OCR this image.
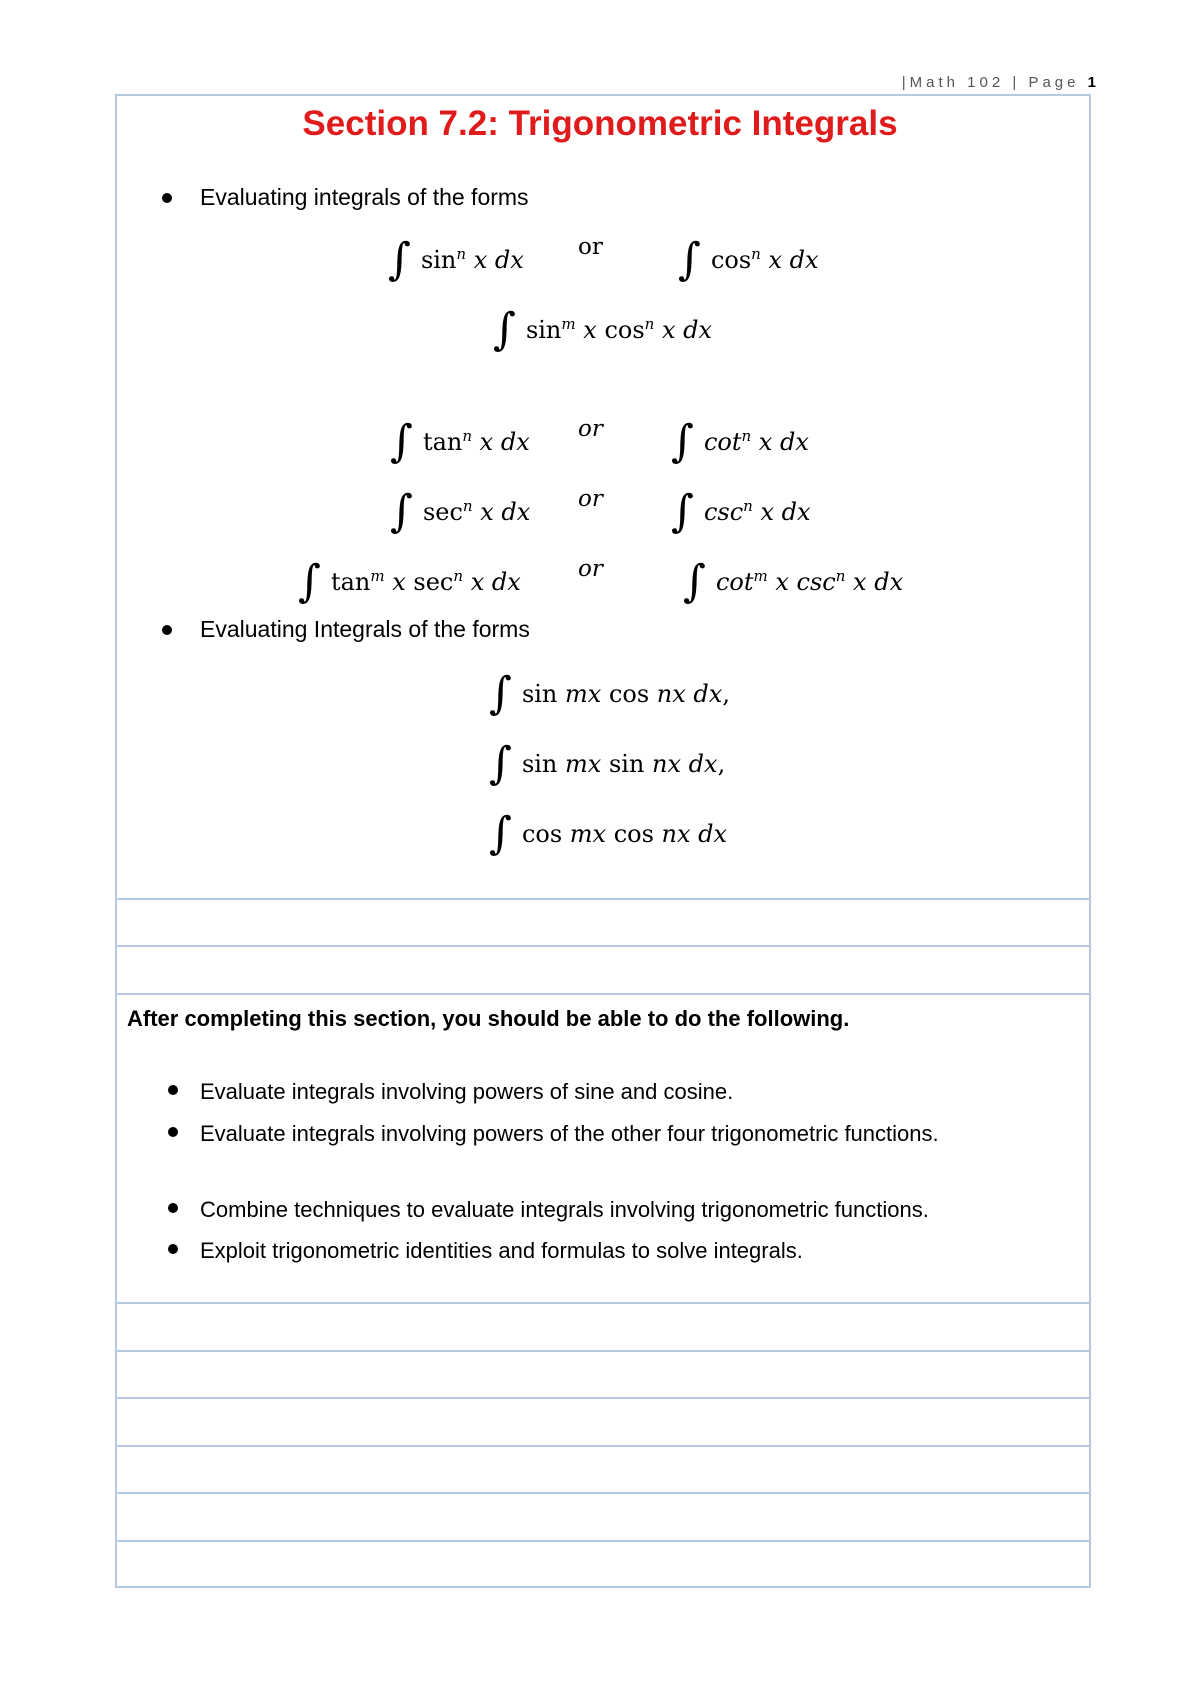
|Math 102 | Page 1
Section 7.2: Trigonometric Integrals
Evaluating integrals of the forms
∫ $\sin^n x$ dx or ∫ $\cos^n x$ dx
∫ $\sin^m x$ $\cos^n x$ dx
∫ $\tan^n x$ dx or ∫ $\cot^n x$ dx
∫ $\sec^n x$ dx or ∫ $\csc^n x$ dx
∫ $\tan^m x$ $\sec^n x$ dx or ∫ $\cot^m x$ $\csc^n x$ dx
Evaluating Integrals of the forms
∫ sin mx cos nx dx,
∫ sin mx sin nx dx,
∫ cos mx cos nx dx
After completing this section, you should be able to do the following.
Evaluate integrals involving powers of sine and cosine.
Evaluate integrals involving powers of the other four trigonometric functions.
Combine techniques to evaluate integrals involving trigonometric functions.
Exploit trigonometric identities and formulas to solve integrals.
